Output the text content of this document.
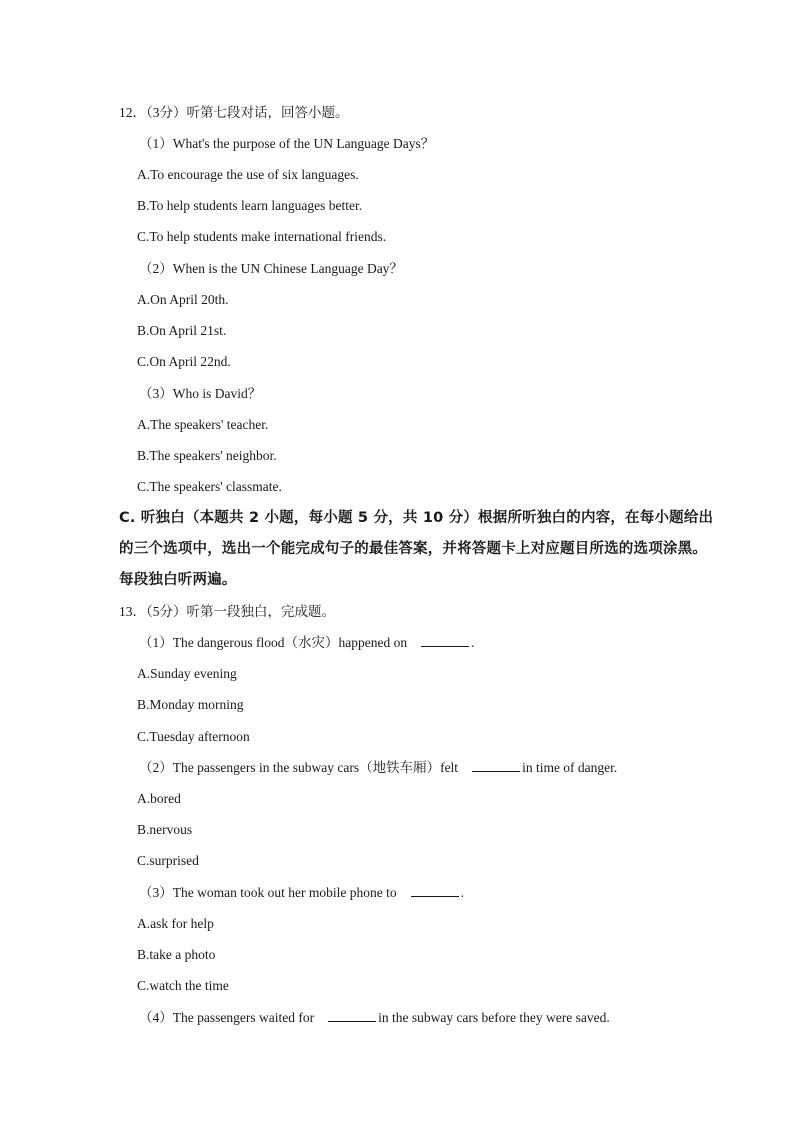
12．（3分）听第七段对话，回答小题。
（1）What's the purpose of the UN Language Days？
A.To encourage the use of six languages.
B.To help students learn languages better.
C.To help students make international friends.
（2）When is the UN Chinese Language Day？
A.On April 20th.
B.On April 21st.
C.On April 22nd.
（3）Who is David？
A.The speakers' teacher.
B.The speakers' neighbor.
C.The speakers' classmate.
C. 听独白（本题共 2 小题，每小题 5 分，共 10 分）根据所听独白的内容，在每小题给出
的三个选项中，选出一个能完成句子的最佳答案，并将答题卡上对应题目所选的选项涂黑。
每段独白听两遍。
13．（5分）听第一段独白，完成题。
（1）The dangerous flood（水灾）happened on	.
A.Sunday evening
B.Monday morning
C.Tuesday afternoon
（2）The passengers in the subway cars（地铁车厢）felt	in time of danger.
A.bored
B.nervous
C.surprised
（3）The woman took out her mobile phone to	.
A.ask for help
B.take a photo
C.watch the time
（4）The passengers waited for	in the subway cars before they were saved.
